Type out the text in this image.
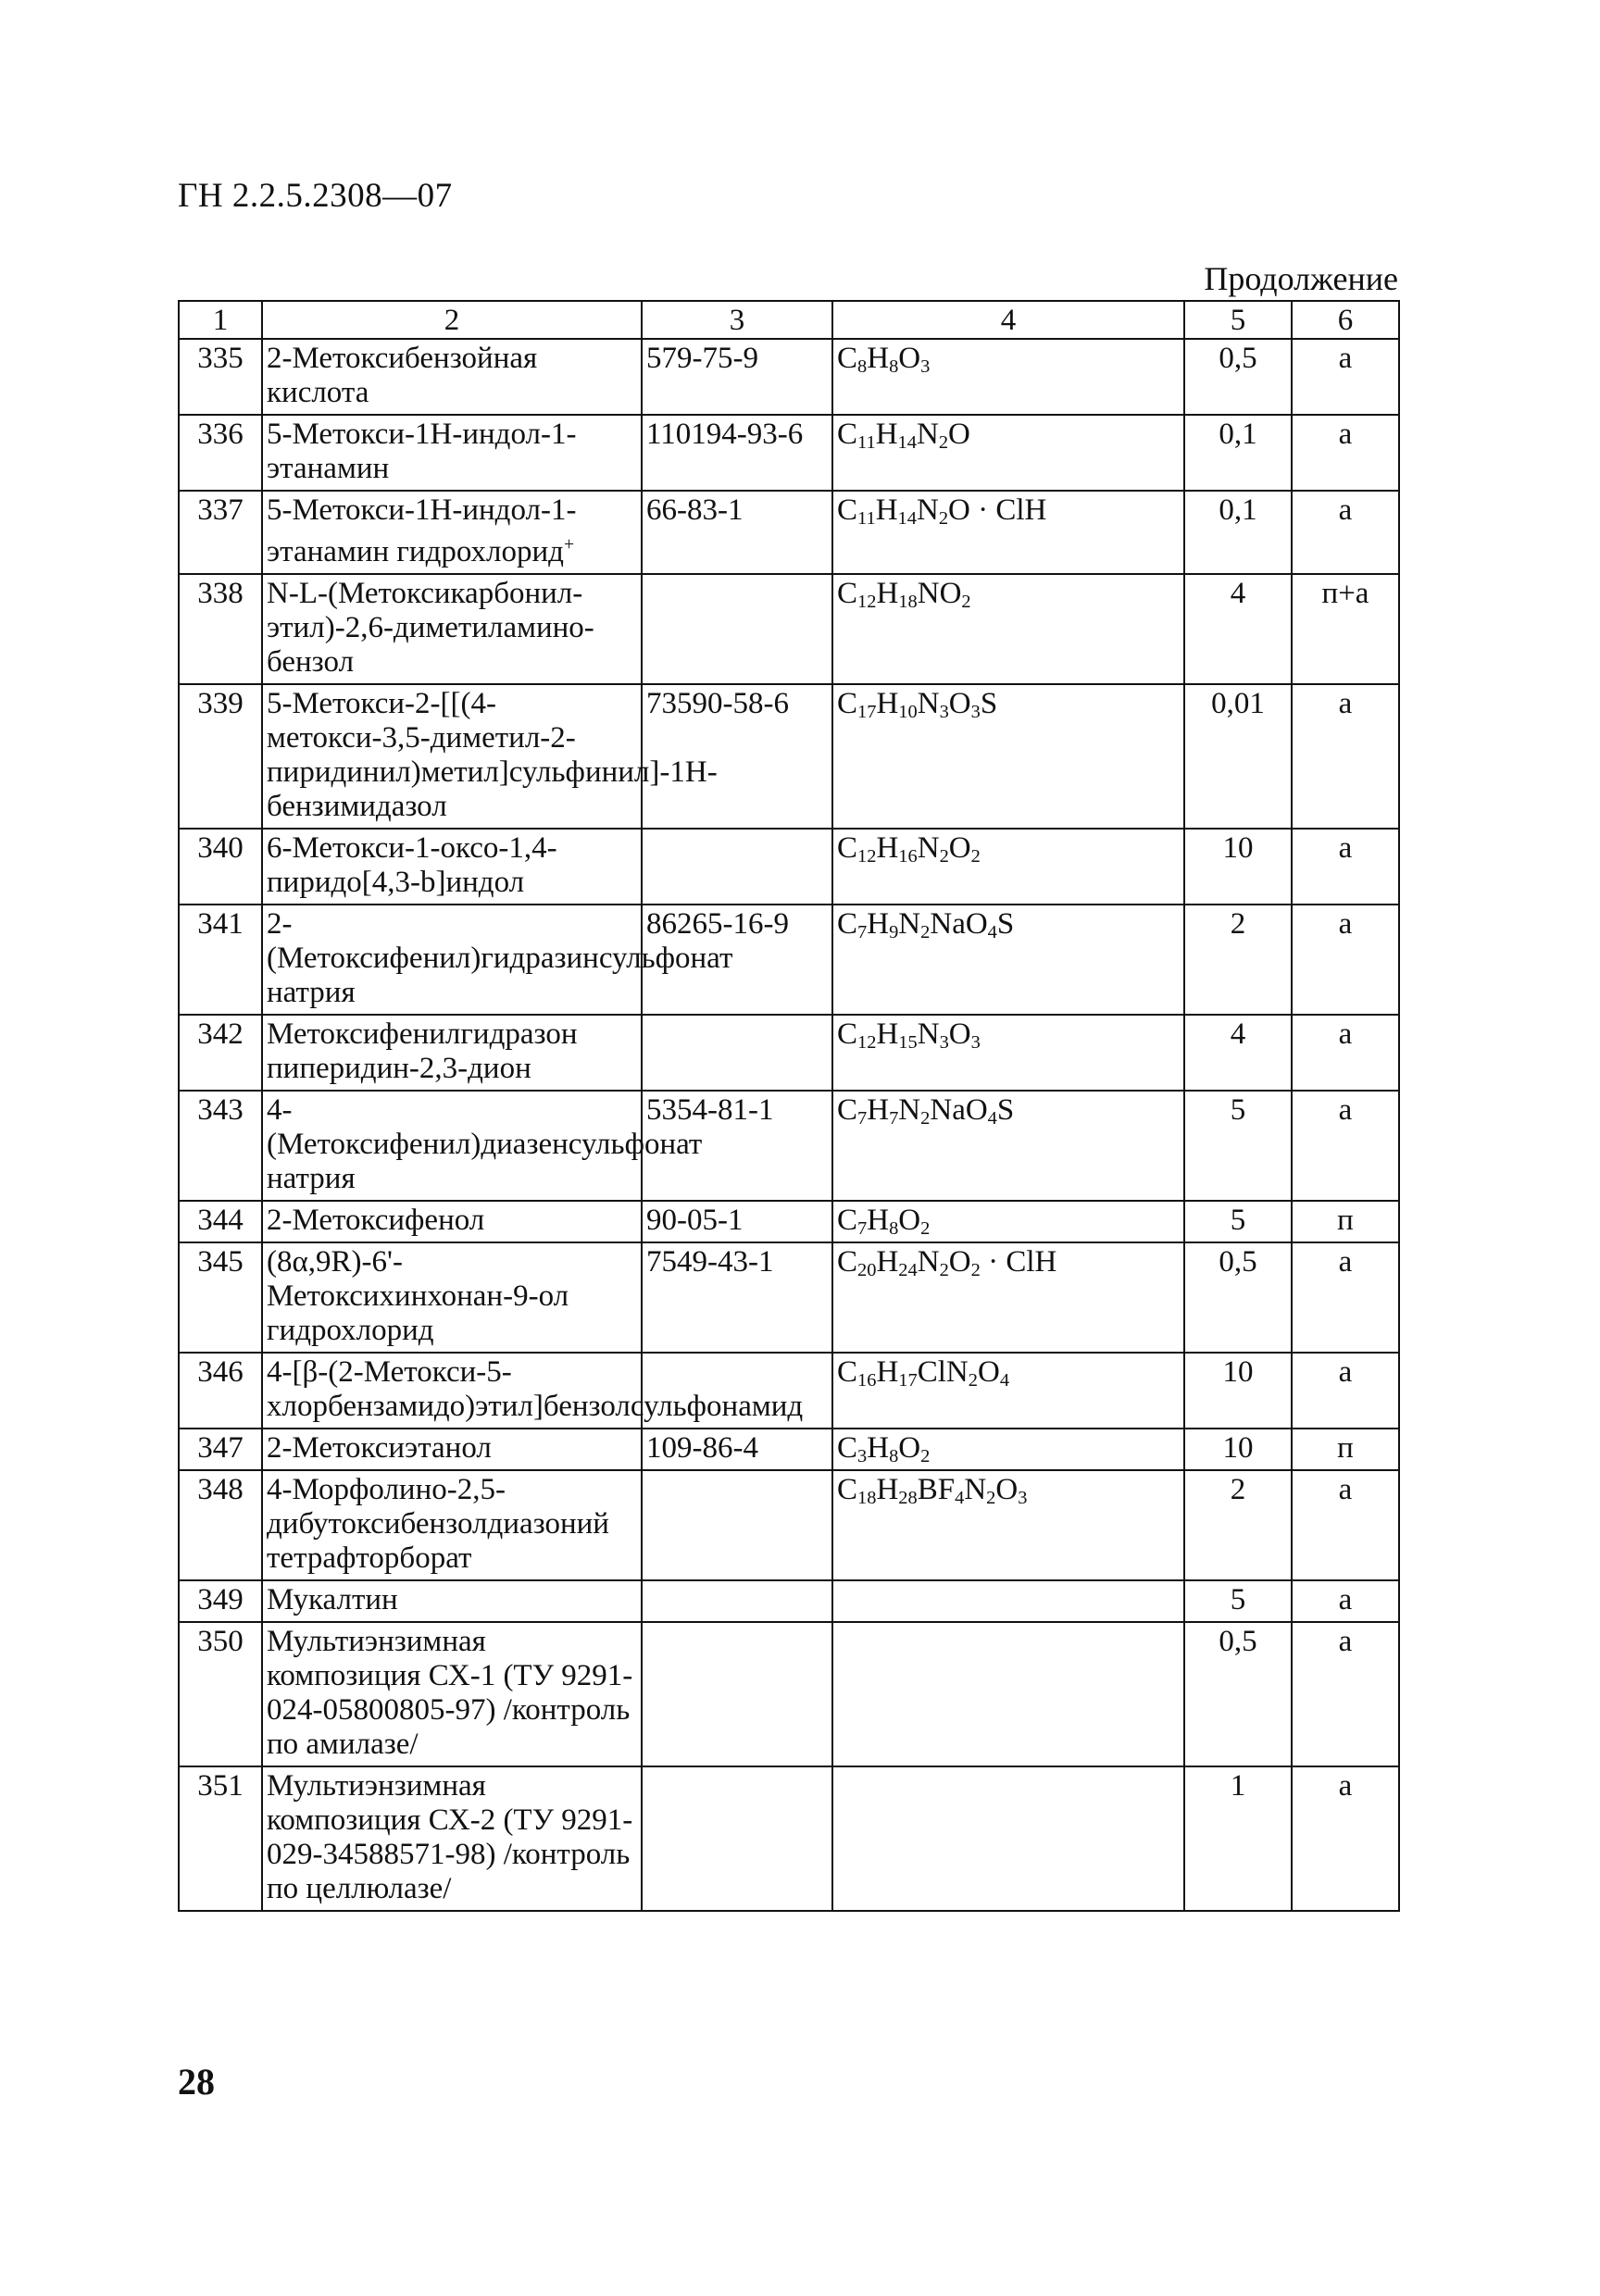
ГН 2.2.5.2308—07
Продолжение
1	2	3	4	5	6
335	2-Метоксибензойная кислота	579-75-9	$C_8H_8O_3$	0,5	а
336	5-Метокси-1Н-индол-1-этанамин	110194-93-6	$C_{11}H_{14}N_2O$	0,1	а
337	5-Метокси-1Н-индол-1-этанамин гидрохлорид+	66-83-1	$C_{11}H_{14}N_2O$ · ClH	0,1	а
338	N-L-(Метоксикарбонил-этил)-2,6-диметиламино-бензол		$C_{12}H_{18}NO_2$	4	п+а
339	5-Метокси-2-[[(4-метокси-3,5-диметил-2-пиридинил)метил]сульфинил]-1Н-бензимидазол	73590-58-6	$C_{17}H_{10}N_3O_3S$	0,01	а
340	6-Метокси-1-оксо-1,4-пиридо[4,3-b]индол		$C_{12}H_{16}N_2O_2$	10	а
341	2-(Метоксифенил)гидразинсульфонат натрия	86265-16-9	$C_7H_9N_2NaO_4S$	2	а
342	Метоксифенилгидразон пиперидин-2,3-дион		$C_{12}H_{15}N_3O_3$	4	а
343	4-(Метоксифенил)диазенсульфонат натрия	5354-81-1	$C_7H_7N_2NaO_4S$	5	а
344	2-Метоксифенол	90-05-1	$C_7H_8O_2$	5	п
345	(8α,9R)-6'-Метоксихинхонан-9-ол гидрохлорид	7549-43-1	$C_{20}H_{24}N_2O_2$ · ClH	0,5	а
346	4-[β-(2-Метокси-5-хлорбензамидо)этил]бензолсульфонамид		$C_{16}H_{17}ClN_2O_4$	10	а
347	2-Метоксиэтанол	109-86-4	$C_3H_8O_2$	10	п
348	4-Морфолино-2,5-дибутоксибензолдиазоний тетрафторборат		$C_{18}H_{28}BF_4N_2O_3$	2	а
349	Мукалтин			5	а
350	Мультиэнзимная композиция СХ-1 (ТУ 9291-024-05800805-97) /контроль по амилазе/			0,5	а
351	Мультиэнзимная композиция СХ-2 (ТУ 9291-029-34588571-98) /контроль по целлюлазе/			1	а
28
